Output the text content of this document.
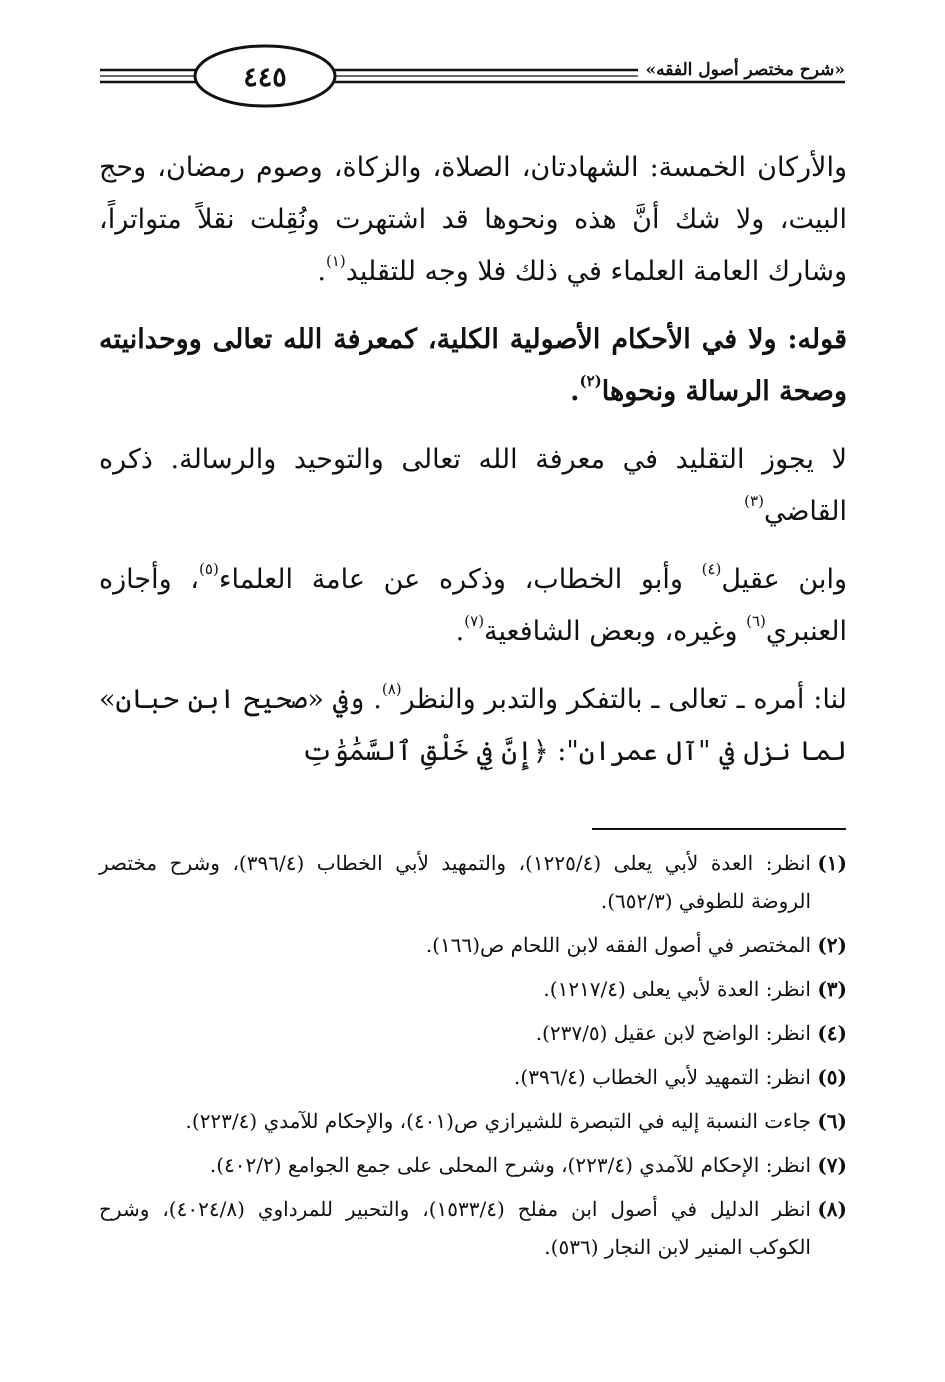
«شرح مختصر أصول الفقه»
٤٤٥

والأركان الخمسة: الشهادتان، الصلاة، والزكاة، وصوم رمضان، وحج البيت، ولا شك أنَّ هذه ونحوها قد اشتهرت ونُقِلت نقلاً متواتراً، وشارك العامة العلماء في ذلك فلا وجه للتقليد$^{(١)}$.

قوله: ولا في الأحكام الأصولية الكلية، كمعرفة الله تعالى ووحدانيته وصحة الرسالة ونحوها$^{(٢)}$.

لا يجوز التقليد في معرفة الله تعالى والتوحيد والرسالة. ذكره القاضي$^{(٣)}$

وابن عقيل$^{(٤)}$ وأبو الخطاب، وذكره عن عامة العلماء$^{(٥)}$، وأجازه العنبري$^{(٦)}$ وغيره، وبعض الشافعية$^{(٧)}$.

لنا: أمره ـ تعالى ـ بالتفكر والتدبر والنظر$^{(٨)}$. وفي «صحيح ابن حبان» لما نزل في "آل عمران": ﴿إِنَّ فِي خَلْقِ ٱلسَّمَٰوَٰتِ

(١)انظر: العدة لأبي يعلى (١٢٢٥/٤)، والتمهيد لأبي الخطاب (٣٩٦/٤)، وشرح مختصر الروضة للطوفي (٦٥٢/٣).
(٢)المختصر في أصول الفقه لابن اللحام ص(١٦٦).
(٣)انظر: العدة لأبي يعلى (١٢١٧/٤).
(٤)انظر: الواضح لابن عقيل (٢٣٧/٥).
(٥)انظر: التمهيد لأبي الخطاب (٣٩٦/٤).
(٦)جاءت النسبة إليه في التبصرة للشيرازي ص(٤٠١)، والإحكام للآمدي (٢٢٣/٤).
(٧)انظر: الإحكام للآمدي (٢٢٣/٤)، وشرح المحلى على جمع الجوامع (٤٠٢/٢).
(٨)انظر الدليل في أصول ابن مفلح (١٥٣٣/٤)، والتحبير للمرداوي (٤٠٢٤/٨)، وشرح الكوكب المنير لابن النجار (٥٣٦).
